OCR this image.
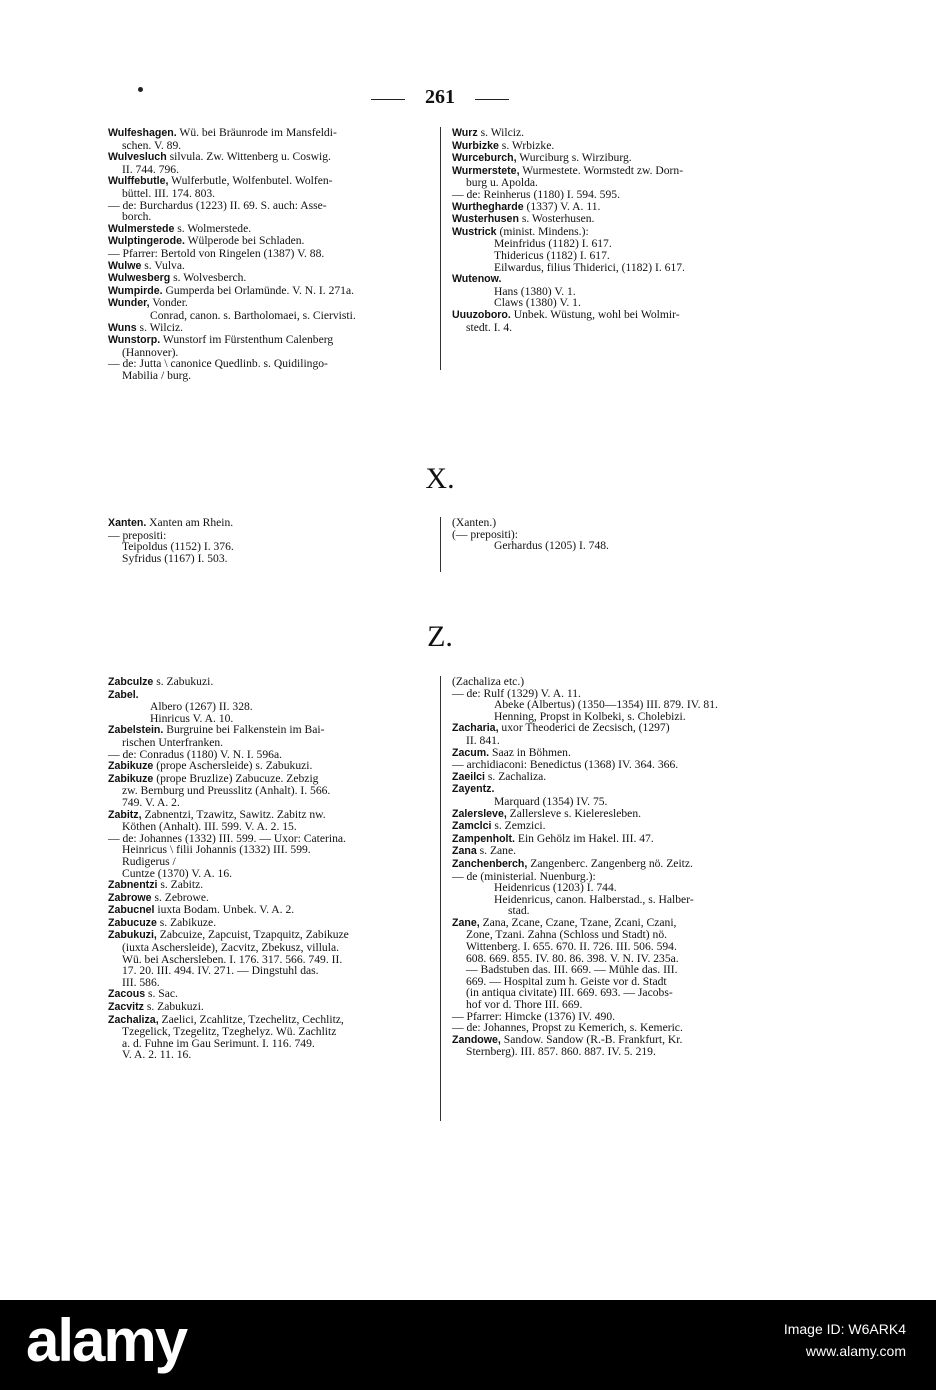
261
Wulfeshagen. Wü. bei Bräunrode im Mansfeldi-
schen. V. 89.
Wulvesluch silvula. Zw. Wittenberg u. Coswig.
II. 744. 796.
Wulffebutle, Wulferbutle, Wolfenbutel. Wolfen-
büttel. III. 174. 803.
— de: Burchardus (1223) II. 69. S. auch: Asse-
borch.
Wulmerstede s. Wolmerstede.
Wulptingerode. Wülperode bei Schladen.
— Pfarrer: Bertold von Ringelen (1387) V. 88.
Wulwe s. Vulva.
Wulwesberg s. Wolvesberch.
Wumpirde. Gumperda bei Orlamünde. V. N. I. 271a.
Wunder, Vonder.
Conrad, canon. s. Bartholomaei, s. Ciervisti.
Wuns s. Wilciz.
Wunstorp. Wunstorf im Fürstenthum Calenberg
(Hannover).
— de: Jutta \ canonice Quedlinb. s. Quidilingo-
Mabilia / burg.
Wurz s. Wilciz.
Wurbizke s. Wrbizke.
Wurceburch, Wurciburg s. Wirziburg.
Wurmerstete, Wurmestete. Wormstedt zw. Dorn-
burg u. Apolda.
— de: Reinherus (1180) I. 594. 595.
Wurthegharde (1337) V. A. 11.
Wusterhusen s. Wosterhusen.
Wustrick (minist. Mindens.):
Meinfridus (1182) I. 617.
Thidericus (1182) I. 617.
Eilwardus, filius Thiderici, (1182) I. 617.
Wutenow.
Hans (1380) V. 1.
Claws (1380) V. 1.
Uuuzoboro. Unbek. Wüstung, wohl bei Wolmir-
stedt. I. 4.
X.
Xanten. Xanten am Rhein.
— prepositi:
Teipoldus (1152) I. 376.
Syfridus (1167) I. 503.
(Xanten.)
(— prepositi):
Gerhardus (1205) I. 748.
Z.
Zabculze s. Zabukuzi.
Zabel.
Albero (1267) II. 328.
Hinricus V. A. 10.
Zabelstein. Burgruine bei Falkenstein im Bai-
rischen Unterfranken.
— de: Conradus (1180) V. N. I. 596a.
Zabikuze (prope Aschersleide) s. Zabukuzi.
Zabikuze (prope Bruzlize) Zabucuze. Zebzig
zw. Bernburg und Preusslitz (Anhalt). I. 566.
749. V. A. 2.
Zabitz, Zabnentzi, Tzawitz, Sawitz. Zabitz nw.
Köthen (Anhalt). III. 599. V. A. 2. 15.
— de: Johannes (1332) III. 599. — Uxor: Caterina.
Heinricus \ filii Johannis (1332) III. 599.
Rudigerus /
Cuntze (1370) V. A. 16.
Zabnentzi s. Zabitz.
Zabrowe s. Zebrowe.
Zabucnel iuxta Bodam. Unbek. V. A. 2.
Zabucuze s. Zabikuze.
Zabukuzi, Zabcuize, Zapcuist, Tzapquitz, Zabikuze
(iuxta Aschersleide), Zacvitz, Zbekusz, villula.
Wü. bei Aschersleben. I. 176. 317. 566. 749. II.
17. 20. III. 494. IV. 271. — Dingstuhl das.
III. 586.
Zacous s. Sac.
Zacvitz s. Zabukuzi.
Zachaliza, Zaelici, Zcahlitze, Tzechelitz, Cechlitz,
Tzegelick, Tzegelitz, Tzeghelyz. Wü. Zachlitz
a. d. Fuhne im Gau Serimunt. I. 116. 749.
V. A. 2. 11. 16.
(Zachaliza etc.)
— de: Rulf (1329) V. A. 11.
Abeke (Albertus) (1350—1354) III. 879. IV. 81.
Henning, Propst in Kolbeki, s. Cholebizi.
Zacharia, uxor Theoderici de Zecsisch, (1297)
II. 841.
Zacum. Saaz in Böhmen.
— archidiaconi: Benedictus (1368) IV. 364. 366.
Zaeilci s. Zachaliza.
Zayentz.
Marquard (1354) IV. 75.
Zalersleve, Zallersleve s. Kieleresleben.
Zamclci s. Zemzici.
Zampenholt. Ein Gehölz im Hakel. III. 47.
Zana s. Zane.
Zanchenberch, Zangenberc. Zangenberg nö. Zeitz.
— de (ministerial. Nuenburg.):
Heidenricus (1203) I. 744.
Heidenricus, canon. Halberstad., s. Halber-
stad.
Zane, Zana, Zcane, Czane, Tzane, Zcani, Czani,
Zone, Tzani. Zahna (Schloss und Stadt) nö.
Wittenberg. I. 655. 670. II. 726. III. 506. 594.
608. 669. 855. IV. 80. 86. 398. V. N. IV. 235a.
— Badstuben das. III. 669. — Mühle das. III.
669. — Hospital zum h. Geiste vor d. Stadt
(in antiqua civitate) III. 669. 693. — Jacobs-
hof vor d. Thore III. 669.
— Pfarrer: Himcke (1376) IV. 490.
— de: Johannes, Propst zu Kemerich, s. Kemeric.
Zandowe, Sandow. Sandow (R.-B. Frankfurt, Kr.
Sternberg). III. 857. 860. 887. IV. 5. 219.
alamy	Image ID: W6ARK4
www.alamy.com
